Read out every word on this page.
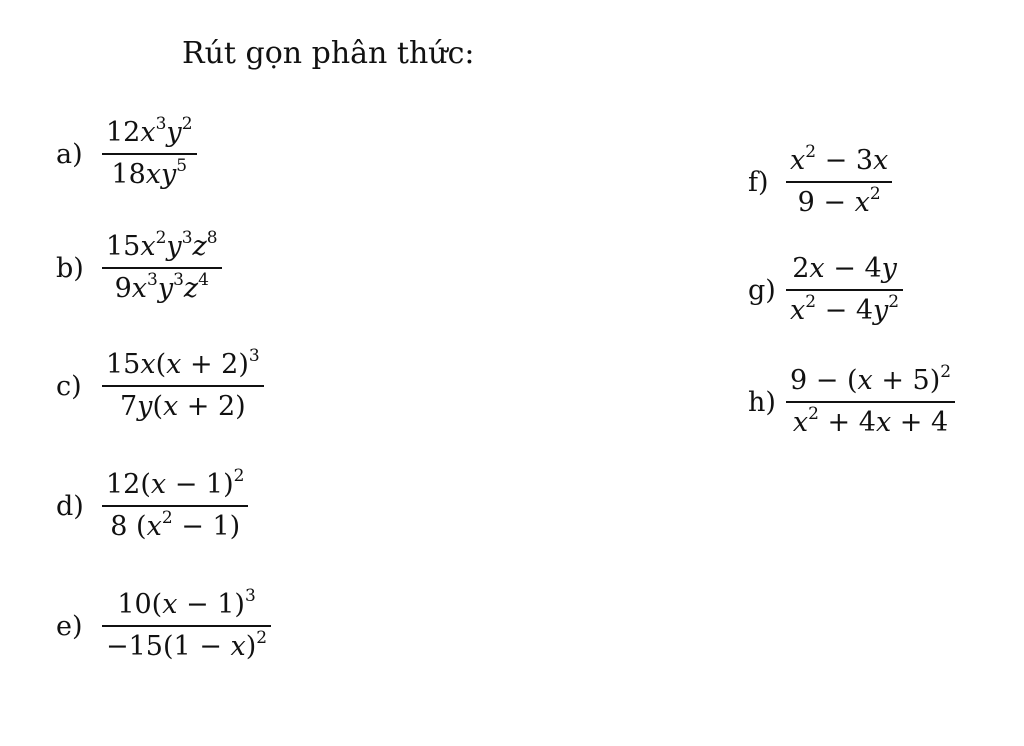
Rút gọn phân thức:
a)
$12x^3y^2$
$18xy^5$
b)
$15x^2y^3z^8$
$9x^3y^3z^4$
c)
$15x(x + 2)^3$
7y(x + 2)
d)
$12(x - 1)^2$
8 $(x^2 - 1)$
e)
$10(x - 1)^3$
$-15(1 - x)^2$
f)
$x^2 - 3x$
$9 - x^2$
g)
2x − 4y
$x^2 - 4y^2$
h)
$9 - (x + 5)^2$
$x^2 + 4x + 4$
